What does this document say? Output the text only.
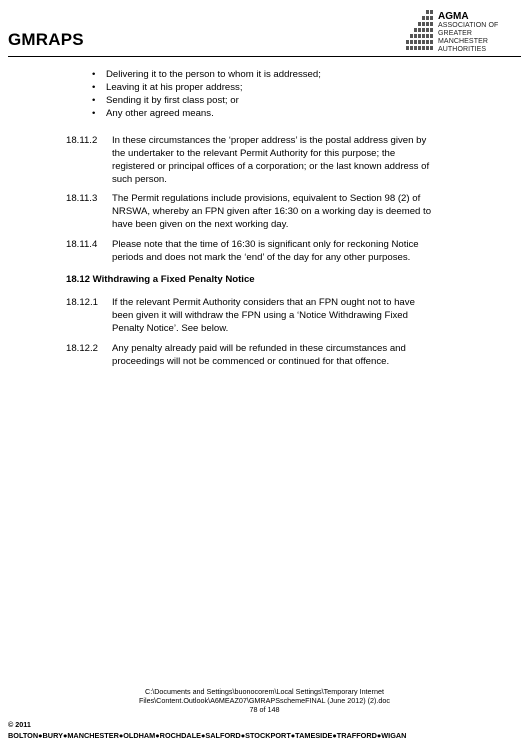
GMRAPS
AGMA
ASSOCIATION OF
GREATER MANCHESTER
AUTHORITIES
• Delivering it to the person to whom it is addressed;
• Leaving it at his proper address;
• Sending it by first class post; or
• Any other agreed means.
18.11.2	In these circumstances the ‘proper address’ is the postal address given by
the undertaker to the relevant Permit Authority for this purpose; the
registered or principal offices of a corporation; or the last known address of
such person.
18.11.3	The Permit regulations include provisions, equivalent to Section 98 (2) of
NRSWA, whereby an FPN given after 16:30 on a working day is deemed to
have been given on the next working day.
18.11.4	Please note that the time of 16:30 is significant only for reckoning Notice
periods and does not mark the ‘end’ of the day for any other purposes.
18.12 Withdrawing a Fixed Penalty Notice
18.12.1	If the relevant Permit Authority considers that an FPN ought not to have
been given it will withdraw the FPN using a ‘Notice Withdrawing Fixed
Penalty Notice’. See below.
18.12.2	Any penalty already paid will be refunded in these circumstances and
proceedings will not be commenced or continued for that offence.
C:\Documents and Settings\buonocorem\Local Settings\Temporary Internet
Files\Content.Outlook\A6MEAZ07\GMRAPSschemeFINAL (June 2012) (2).doc
78 of 148
© 2011
BOLTON●BURY●MANCHESTER●OLDHAM●ROCHDALE●SALFORD●STOCKPORT●TAMESIDE●TRAFFORD●WIGAN
